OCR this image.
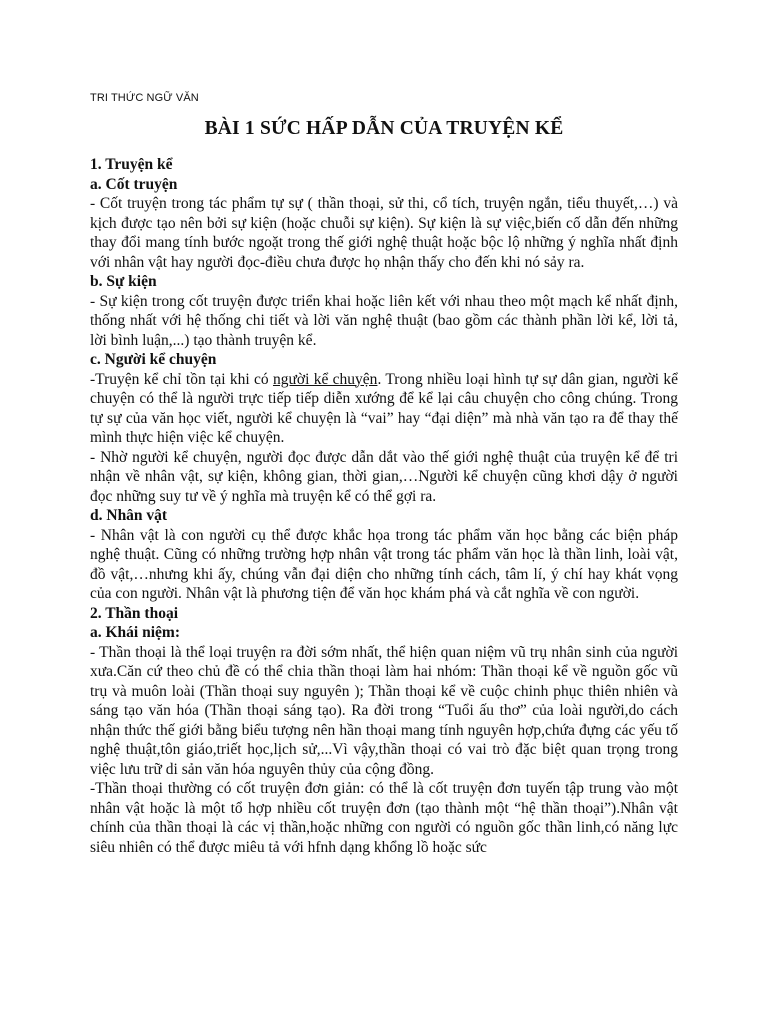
TRI THỨC NGỮ VĂN
BÀI 1 SỨC HẤP DẪN CỦA TRUYỆN KỂ
1. Truyện kể
a. Cốt truyện

- Cốt truyện trong tác phẩm tự sự ( thần thoại, sử thi, cổ tích, truyện ngắn, tiểu thuyết,…) và kịch được tạo nên bởi sự kiện (hoặc chuỗi sự kiện). Sự kiện là sự việc,biến cố dẫn đến những thay đổi mang tính bước ngoặt trong thế giới nghệ thuật hoặc bộc lộ những ý nghĩa nhất định với nhân vật hay người đọc-điều chưa được họ nhận thấy cho đến khi nó sảy ra.

b. Sự kiện

- Sự kiện trong cốt truyện được triển khai hoặc liên kết với nhau theo một mạch kể nhất định, thống nhất với hệ thống chi tiết và lời văn nghệ thuật (bao gồm các thành phần lời kể, lời tả, lời bình luận,...) tạo thành truyện kể.

c. Người kể chuyện

-Truyện kể chỉ tồn tại khi có người kể chuyện. Trong nhiều loại hình tự sự dân gian, người kể chuyện có thể là người trực tiếp tiếp diễn xướng để kể lại câu chuyện cho công chúng. Trong tự sự của văn học viết, người kể chuyện là “vai” hay “đại diện” mà nhà văn tạo ra để thay thế mình thực hiện việc kể chuyện.

- Nhờ người kể chuyện, người đọc được dẫn dắt vào thế giới nghệ thuật của truyện kể để tri nhận về nhân vật, sự kiện, không gian, thời gian,…Người kể chuyện cũng khơi dậy ở người đọc những suy tư về ý nghĩa mà truyện kể có thể gợi ra.

d. Nhân vật

- Nhân vật là con người cụ thể được khắc họa trong tác phẩm văn học bằng các biện pháp nghệ thuật. Cũng có những trường hợp nhân vật trong tác phẩm văn học là thần linh, loài vật, đồ vật,…nhưng khi ấy, chúng vẫn đại diện cho những tính cách, tâm lí, ý chí hay khát vọng của con người. Nhân vật là phương tiện để văn học khám phá và cắt nghĩa về con người.

2. Thần thoại
a. Khái niệm:

- Thần thoại là thể loại truyện ra đời sớm nhất, thể hiện quan niệm vũ trụ nhân sinh của người xưa.Căn cứ theo chủ đề có thể chia thần thoại làm hai nhóm: Thần thoại kể về nguồn gốc vũ trụ và muôn loài (Thần thoại suy nguyên ); Thần thoại kể về cuộc chinh phục thiên nhiên và sáng tạo văn hóa (Thần thoại sáng tạo). Ra đời trong “Tuổi ấu thơ” của loài người,do cách nhận thức thế giới bằng biểu tượng nên hần thoại mang tính nguyên hợp,chứa đựng các yếu tố nghệ thuật,tôn giáo,triết học,lịch sử,...Vì vậy,thần thoại có vai trò đặc biệt quan trọng trong việc lưu trữ di sản văn hóa nguyên thủy của cộng đồng.

-Thần thoại thường có cốt truyện đơn giản: có thể là cốt truyện đơn tuyến tập trung vào một nhân vật hoặc là một tổ hợp nhiều cốt truyện đơn (tạo thành một “hệ thần thoại”).Nhân vật chính của thần thoại là các vị thần,hoặc những con người có nguồn gốc thần linh,có năng lực siêu nhiên có thể được miêu tả với hfnh dạng khổng lồ hoặc sức
